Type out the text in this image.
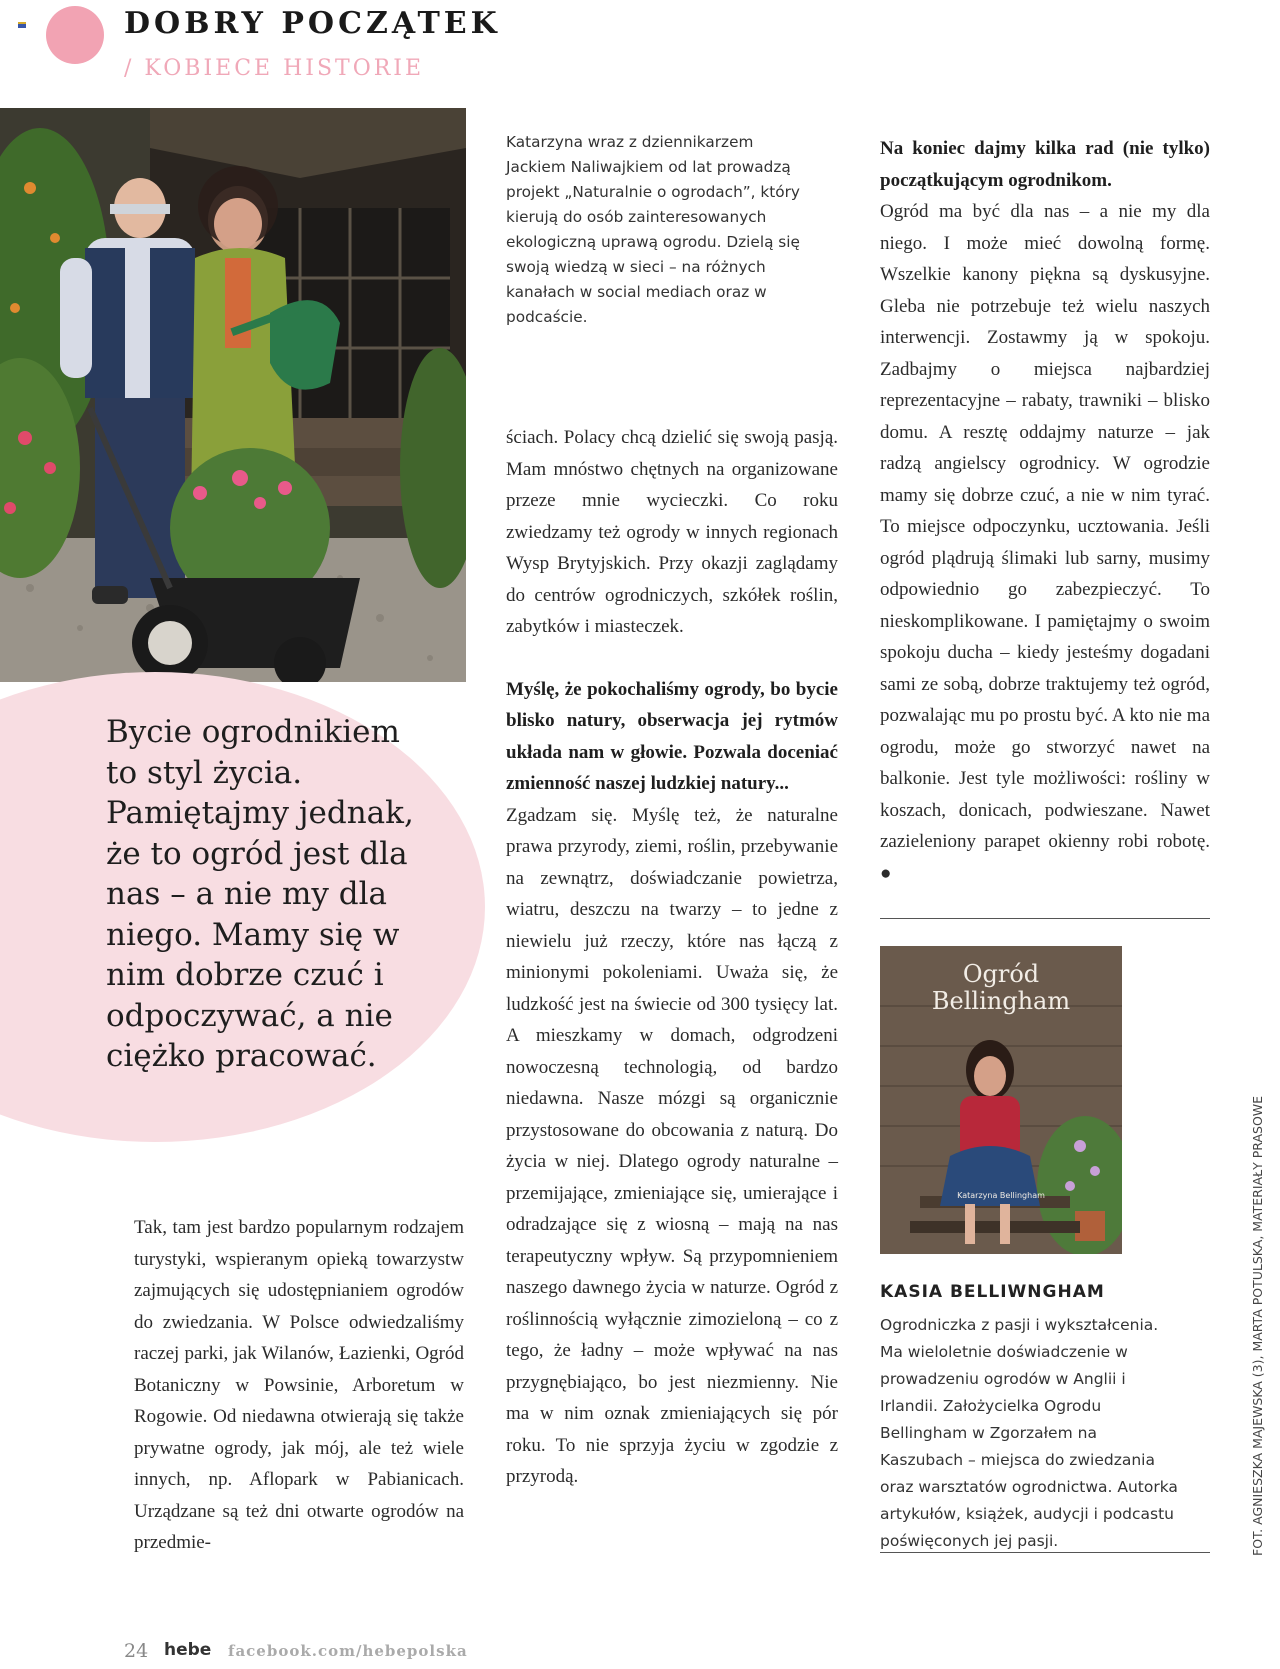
DOBRY POCZĄTEK
/ KOBIECE HISTORIE
Bycie ogrodnikiem to styl życia. Pamiętajmy jednak, że to ogród jest dla nas – a nie my dla niego. Mamy się w nim dobrze czuć i odpoczywać, a nie ciężko pracować.
Katarzyna wraz z dziennikarzem Jackiem Naliwajkiem od lat prowadzą projekt „Naturalnie o ogrodach”, który kierują do osób zainteresowanych ekologiczną uprawą ogrodu. Dzielą się swoją wiedzą w sieci – na różnych kanałach w social mediach oraz w podcaście.

Tak, tam jest bardzo popularnym rodzajem turystyki, wspieranym opieką towarzystw zajmujących się udostępnianiem ogrodów do zwiedzania. W Polsce odwiedzaliśmy raczej parki, jak Wilanów, Łazienki, Ogród Botaniczny w Powsinie, Arboretum w Rogowie. Od niedawna otwierają się także prywatne ogrody, jak mój, ale też wiele innych, np. Aflopark w Pabianicach. Urządzane są też dni otwarte ogrodów na przedmie-

ściach. Polacy chcą dzielić się swoją pasją. Mam mnóstwo chętnych na organizowane przeze mnie wycieczki. Co roku zwiedzamy też ogrody w innych regionach Wysp Brytyjskich. Przy okazji zaglądamy do centrów ogrodniczych, szkółek roślin, zabytków i miasteczek.

Myślę, że pokochaliśmy ogrody, bo bycie blisko natury, obserwacja jej rytmów układa nam w głowie. Pozwala doceniać zmienność naszej ludzkiej natury...

Zgadzam się. Myślę też, że naturalne prawa przyrody, ziemi, roślin, przebywanie na zewnątrz, doświadczanie powietrza, wiatru, deszczu na twarzy – to jedne z niewielu już rzeczy, które nas łączą z minionymi pokoleniami. Uważa się, że ludzkość jest na świecie od 300 tysięcy lat. A mieszkamy w domach, odgrodzeni nowoczesną technologią, od bardzo niedawna. Nasze mózgi są organicznie przystosowane do obcowania z naturą. Do życia w niej. Dlatego ogrody naturalne – przemijające, zmieniające się, umierające i odradzające się z wiosną – mają na nas terapeutyczny wpływ. Są przypomnieniem naszego dawnego życia w naturze. Ogród z roślinnością wyłącznie zimozieloną – co z tego, że ładny – może wpływać na nas przygnębiająco, bo jest niezmienny. Nie ma w nim oznak zmieniających się pór roku. To nie sprzyja życiu w zgodzie z przyrodą.

Na koniec dajmy kilka rad (nie tylko) początkującym ogrodnikom.

Ogród ma być dla nas – a nie my dla niego. I może mieć dowolną formę. Wszelkie kanony piękna są dyskusyjne. Gleba nie potrzebuje też wielu naszych interwencji. Zostawmy ją w spokoju. Zadbajmy o miejsca najbardziej reprezentacyjne – rabaty, trawniki – blisko domu. A resztę oddajmy naturze – jak radzą angielscy ogrodnicy. W ogrodzie mamy się dobrze czuć, a nie w nim tyrać. To miejsce odpoczynku, ucztowania. Jeśli ogród plądrują ślimaki lub sarny, musimy odpowiednio go zabezpieczyć. To nieskomplikowane. I pamiętajmy o swoim spokoju ducha – kiedy jesteśmy dogadani sami ze sobą, dobrze traktujemy też ogród, pozwalając mu po prostu być. A kto nie ma ogrodu, może go stworzyć nawet na balkonie. Jest tyle możliwości: rośliny w koszach, donicach, podwieszane. Nawet zazieleniony parapet okienny robi robotę. ●

Ogród
Bellingham
Katarzyna Bellingham
KASIA BELLIWNGHAM
Ogrodniczka z pasji i wykształcenia. Ma wieloletnie doświadczenie w prowadzeniu ogrodów w Anglii i Irlandii. Założycielka Ogrodu Bellingham w Zgorzałem na Kaszubach – miejsca do zwiedzania oraz warsztatów ogrodnictwa. Autorka artykułów, książek, audycji i podcastu poświęconych jej pasji.	FOT. AGNIESZKA MAJEWSKA (3), MARTA POTULSKA, MATERIAŁY PRASOWE
24 hebe facebook.com/hebepolska
